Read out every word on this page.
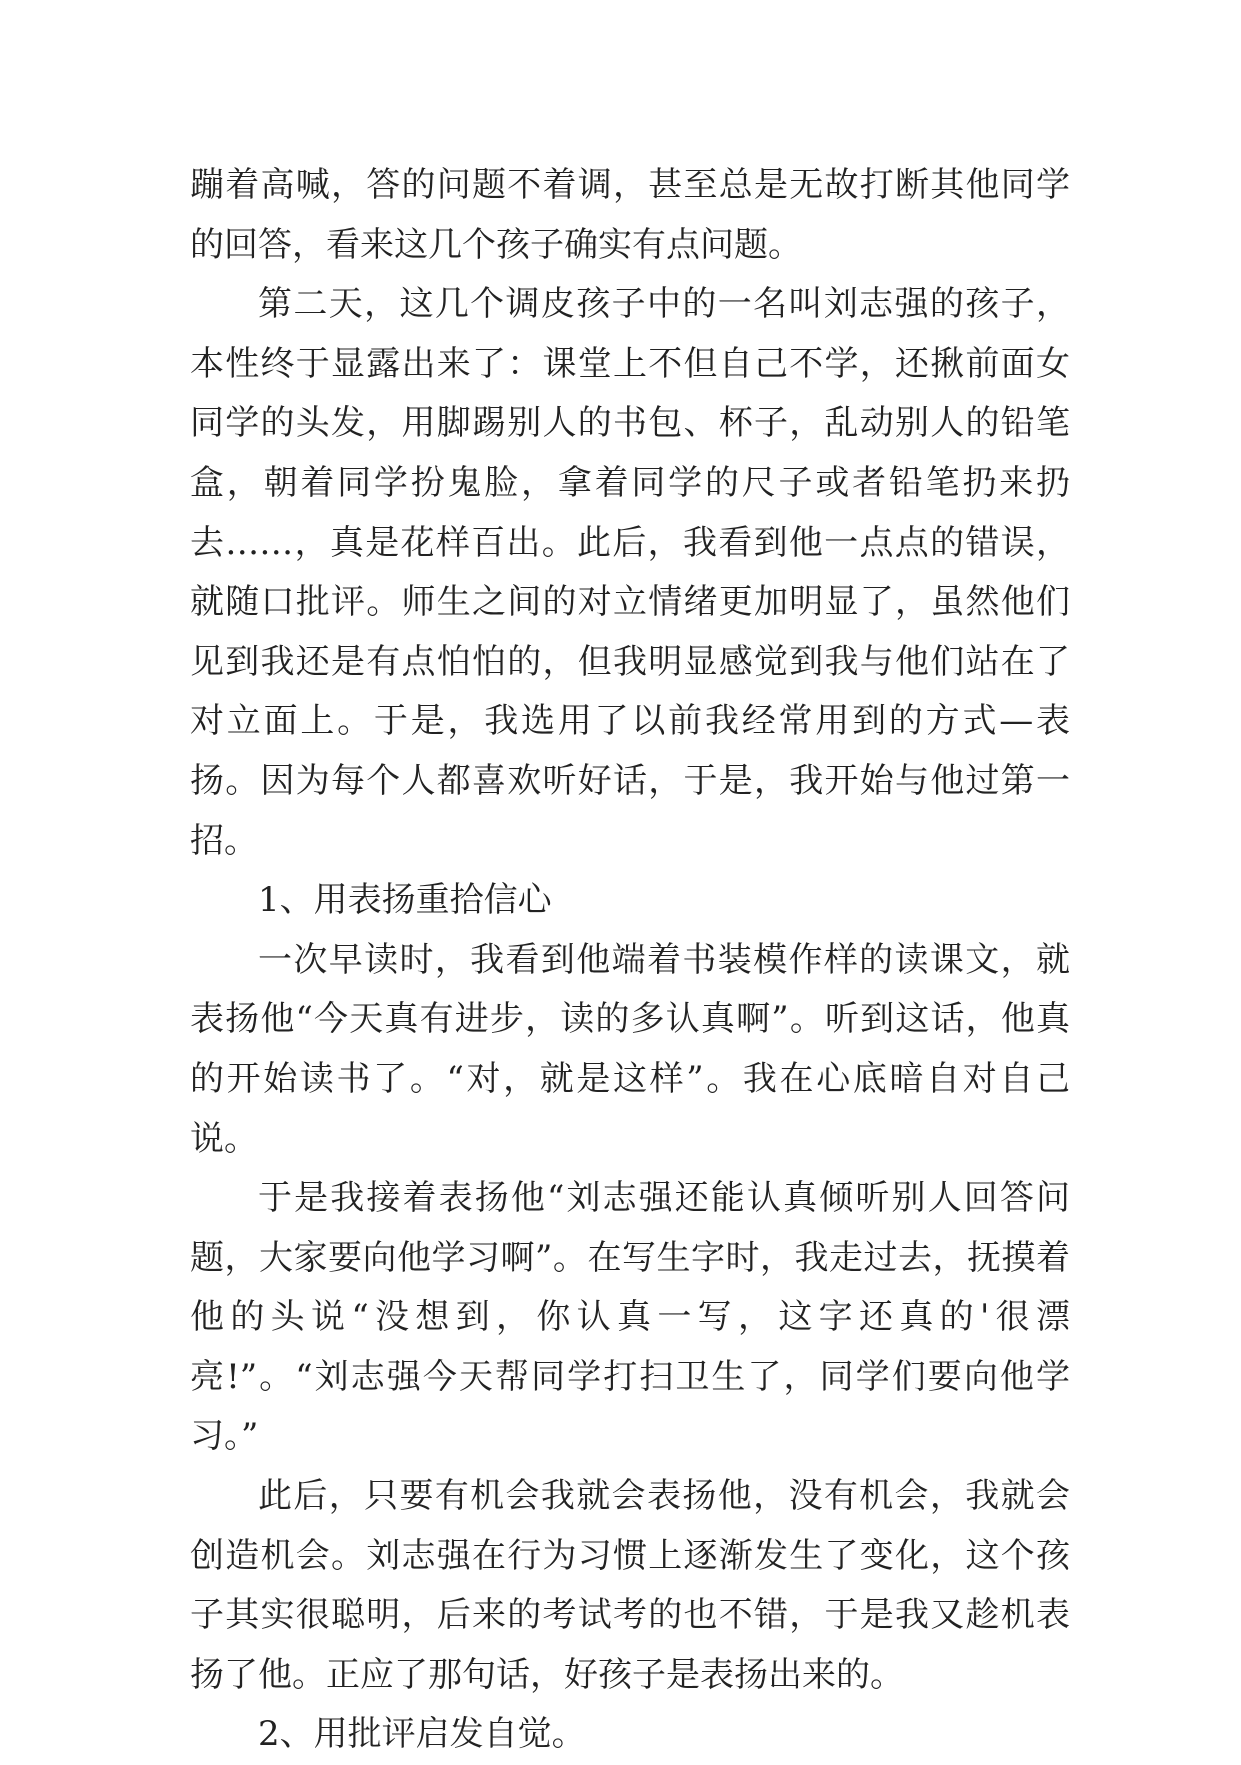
蹦着高喊，答的问题不着调，甚至总是无故打断其他同学的回答，看来这几个孩子确实有点问题。

第二天，这几个调皮孩子中的一名叫刘志强的孩子，本性终于显露出来了：课堂上不但自己不学，还揪前面女同学的头发，用脚踢别人的书包、杯子，乱动别人的铅笔盒，朝着同学扮鬼脸，拿着同学的尺子或者铅笔扔来扔去……，真是花样百出。此后，我看到他一点点的错误，就随口批评。师生之间的对立情绪更加明显了，虽然他们见到我还是有点怕怕的，但我明显感觉到我与他们站在了对立面上。于是，我选用了以前我经常用到的方式—表扬。因为每个人都喜欢听好话，于是，我开始与他过第一招。

1、用表扬重拾信心

一次早读时，我看到他端着书装模作样的读课文，就表扬他“今天真有进步，读的多认真啊”。听到这话，他真的开始读书了。“对，就是这样”。我在心底暗自对自己说。

于是我接着表扬他“刘志强还能认真倾听别人回答问题，大家要向他学习啊”。在写生字时，我走过去，抚摸着他的头说“没想到，你认真一写，这字还真的'很漂亮!”。“刘志强今天帮同学打扫卫生了，同学们要向他学习。”

此后，只要有机会我就会表扬他，没有机会，我就会创造机会。刘志强在行为习惯上逐渐发生了变化，这个孩子其实很聪明，后来的考试考的也不错，于是我又趁机表扬了他。正应了那句话，好孩子是表扬出来的。

2、用批评启发自觉。
